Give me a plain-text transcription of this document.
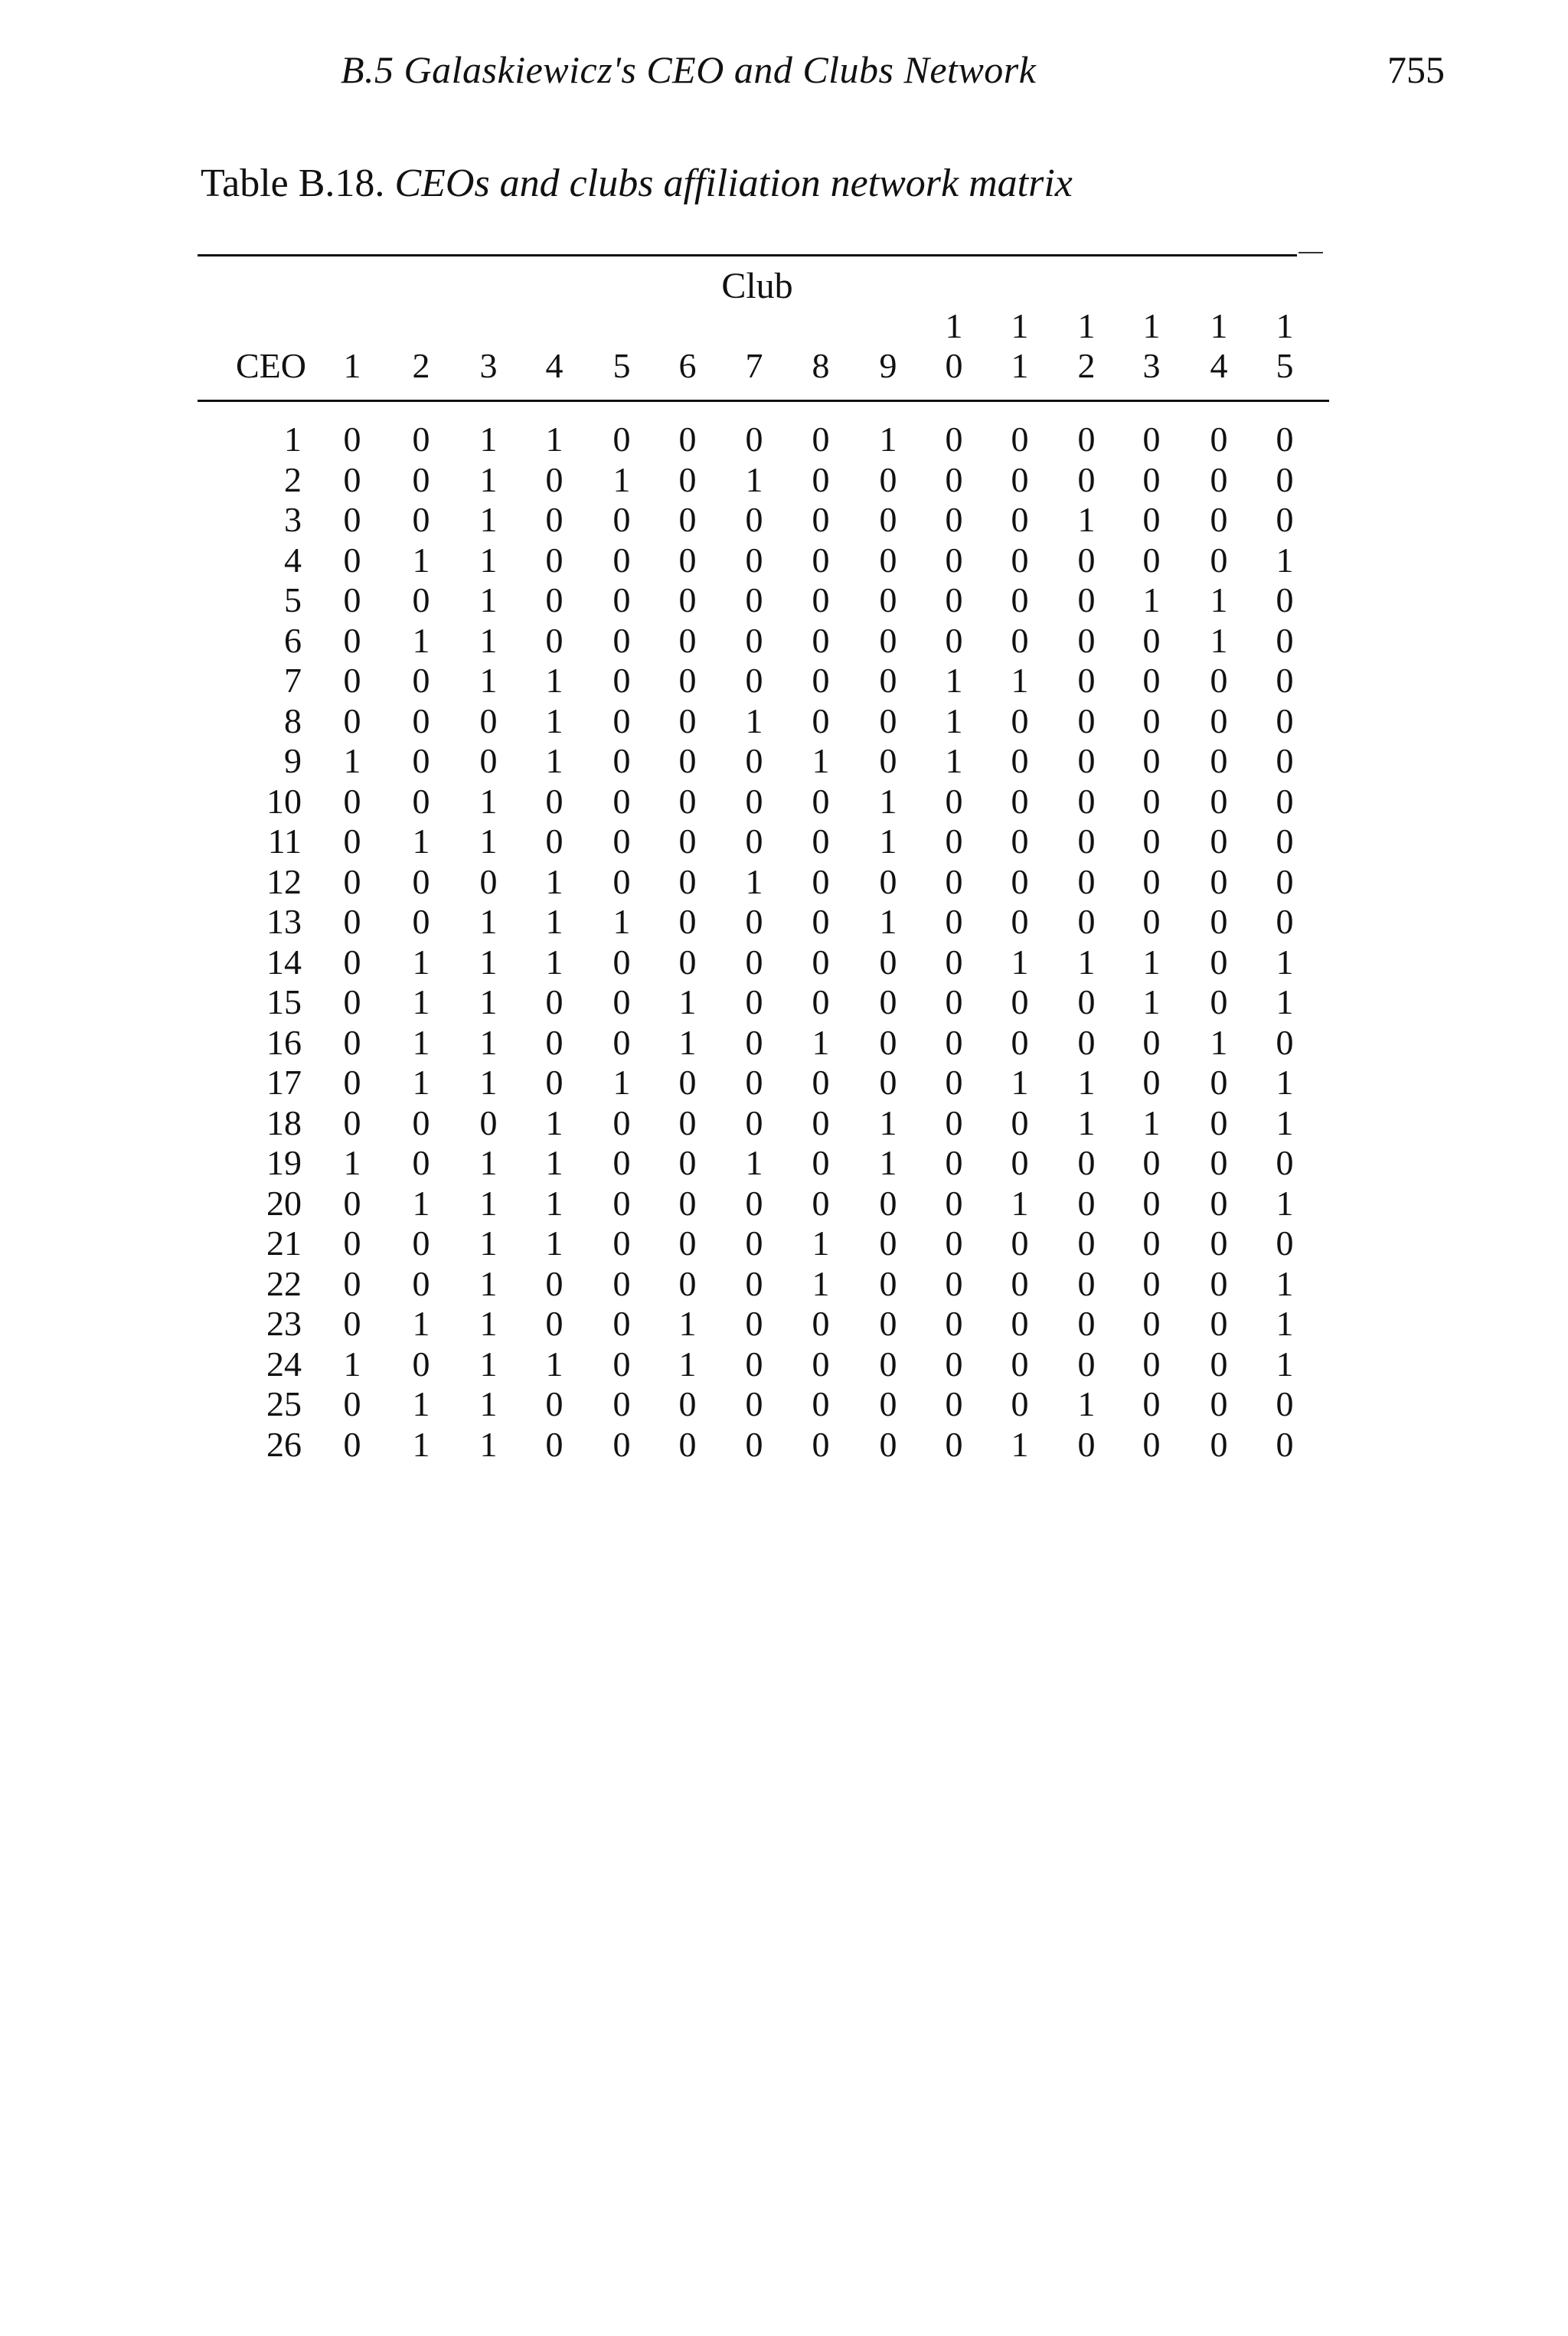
B.5 Galaskiewicz's CEO and Clubs Network	755
Table B.18. CEOs and clubs affiliation network matrix
Club
1	1	1	1	1	1
CEO	1	2	3	4	5	6	7	8	9	0	1	2	3	4	5
1	0	0	1	1	0	0	0	0	1	0	0	0	0	0	0
2	0	0	1	0	1	0	1	0	0	0	0	0	0	0	0
3	0	0	1	0	0	0	0	0	0	0	0	1	0	0	0
4	0	1	1	0	0	0	0	0	0	0	0	0	0	0	1
5	0	0	1	0	0	0	0	0	0	0	0	0	1	1	0
6	0	1	1	0	0	0	0	0	0	0	0	0	0	1	0
7	0	0	1	1	0	0	0	0	0	1	1	0	0	0	0
8	0	0	0	1	0	0	1	0	0	1	0	0	0	0	0
9	1	0	0	1	0	0	0	1	0	1	0	0	0	0	0
10	0	0	1	0	0	0	0	0	1	0	0	0	0	0	0
11	0	1	1	0	0	0	0	0	1	0	0	0	0	0	0
12	0	0	0	1	0	0	1	0	0	0	0	0	0	0	0
13	0	0	1	1	1	0	0	0	1	0	0	0	0	0	0
14	0	1	1	1	0	0	0	0	0	0	1	1	1	0	1
15	0	1	1	0	0	1	0	0	0	0	0	0	1	0	1
16	0	1	1	0	0	1	0	1	0	0	0	0	0	1	0
17	0	1	1	0	1	0	0	0	0	0	1	1	0	0	1
18	0	0	0	1	0	0	0	0	1	0	0	1	1	0	1
19	1	0	1	1	0	0	1	0	1	0	0	0	0	0	0
20	0	1	1	1	0	0	0	0	0	0	1	0	0	0	1
21	0	0	1	1	0	0	0	1	0	0	0	0	0	0	0
22	0	0	1	0	0	0	0	1	0	0	0	0	0	0	1
23	0	1	1	0	0	1	0	0	0	0	0	0	0	0	1
24	1	0	1	1	0	1	0	0	0	0	0	0	0	0	1
25	0	1	1	0	0	0	0	0	0	0	0	1	0	0	0
26	0	1	1	0	0	0	0	0	0	0	1	0	0	0	0
